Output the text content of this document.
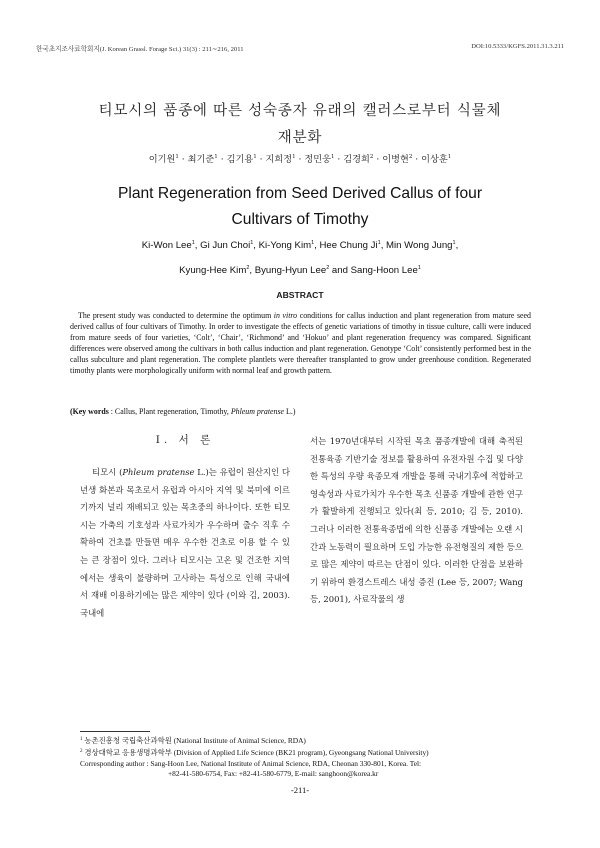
한국초지조사료학회지(J. Korean Grassl. Forage Sci.) 31(3) : 211∼216, 2011	DOI:10.5333/KGFS.2011.31.3.211
티모시의 품종에 따른 성숙종자 유래의 캘러스로부터 식물체
재분화
이기원$^1$ · 최기준$^1$ · 김기용$^1$ · 지희정$^1$ · 정민웅$^1$ · 김경희$^2$ · 이병현$^2$ · 이상훈$^1$
Plant Regeneration from Seed Derived Callus of four
Cultivars of Timothy
Ki-Won Lee$^1$, Gi Jun Choi$^1$, Ki-Yong Kim$^1$, Hee Chung Ji$^1$, Min Wong Jung$^1$,
Kyung-Hee Kim$^2$, Byung-Hyun Lee$^2$ and Sang-Hoon Lee$^1$
ABSTRACT

The present study was conducted to determine the optimum in vitro conditions for callus induction and plant regeneration from mature seed derived callus of four cultivars of Timothy. In order to investigate the effects of genetic variations of timothy in tissue culture, calli were induced from mature seeds of four varieties, ‘Colt’, ‘Chair’, ‘Richmond’ and ‘Hokuo’ and plant regeneration frequency was compared. Significant differences were observed among the cultivars in both callus induction and plant regeneration. Genotype ‘Colt’ consistently performed best in the callus subculture and plant regeneration. The complete plantlets were thereafter transplanted to grow under greenhouse condition. Regenerated timothy plants were morphologically uniform with normal leaf and growth pattern.

(Key words : Callus, Plant regeneration, Timothy, Phleum pratense L.)
Ⅰ. 서 론

티모시 (Phleum pratense L.)는 유럽이 원산지인 다년생 화본과 목초로서 유럽과 아시아 지역 및 북미에 이르기까지 널리 재배되고 있는 목초중의 하나이다. 또한 티모시는 가축의 기호성과 사료가치가 우수하며 출수 직후 수확하여 건초를 만들면 매우 우수한 건초로 이용 할 수 있는 큰 장점이 있다. 그러나 티모시는 고온 및 건조한 지역에서는 생육이 불량하며 고사하는 특성으로 인해 국내에서 재배 이용하기에는 많은 제약이 있다 (이와 김, 2003). 국내에

서는 1970년대부터 시작된 목초 품종개발에 대해 축적된 전통육종 기반기술 정보를 활용하여 유전자원 수집 및 다양한 특성의 우량 육종모재 개발을 통해 국내기후에 적합하고 영속성과 사료가치가 우수한 목초 신품종 개발에 관한 연구가 활발하게 진행되고 있다(최 등, 2010; 김 등, 2010). 그러나 이러한 전통육종법에 의한 신품종 개발에는 오랜 시간과 노동력이 필요하며 도입 가능한 유전형질의 제한 등으로 많은 제약이 따르는 단점이 있다. 이러한 단점을 보완하기 위하여 환경스트레스 내성 증진 (Lee 등, 2007; Wang 등, 2001), 사료작물의 생

$^1$ 농촌진흥청 국립축산과학원 (National Institute of Animal Science, RDA)
$^2$ 경상대학교 응용생명과학부 (Division of Applied Life Science (BK21 program), Gyeongsang National University)
Corresponding author : Sang-Hoon Lee, National Institute of Animal Science, RDA, Cheonan 330-801, Korea. Tel:
+82-41-580-6754, Fax: +82-41-580-6779, E-mail: sanghoon@korea.kr
-211-
